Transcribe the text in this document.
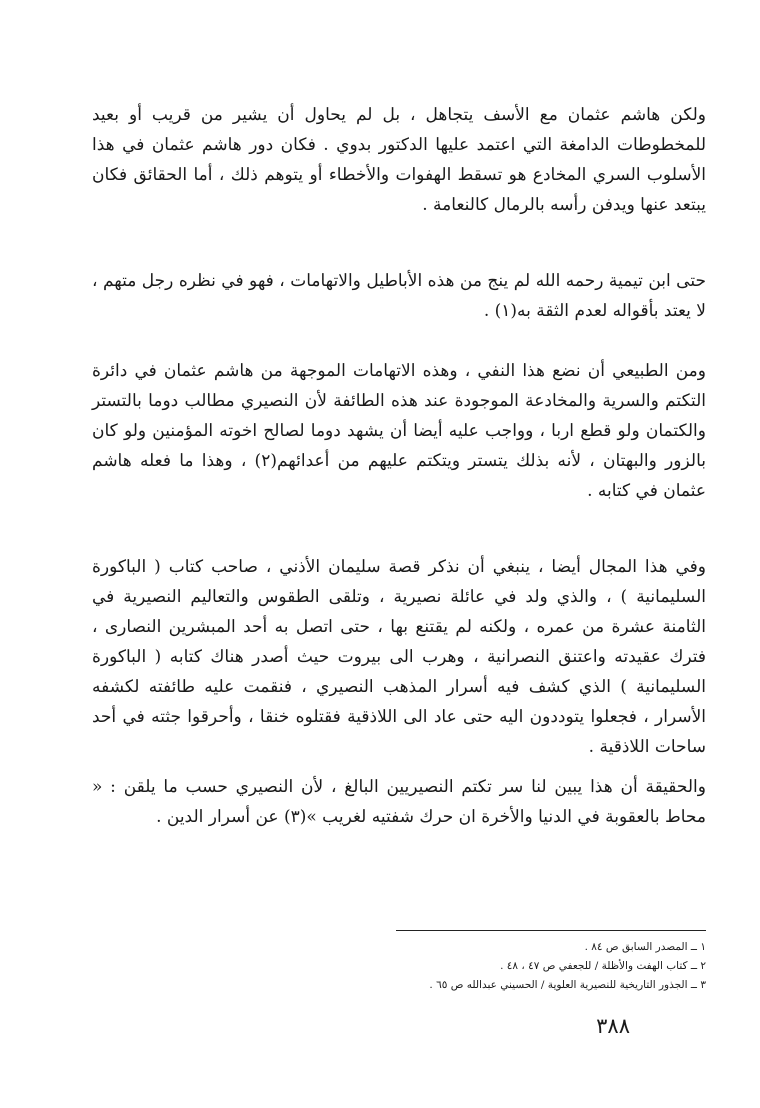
ولكن هاشم عثمان مع الأسف يتجاهل ، بل لم يحاول أن يشير من قريب أو بعيد للمخطوطات الدامغة التي اعتمد عليها الدكتور بدوي . فكان دور هاشم عثمان في هذا الأسلوب السري المخادع هو تسقط الهفوات والأخطاء أو يتوهم ذلك ، أما الحقائق فكان يبتعد عنها ويدفن رأسه بالرمال كالنعامة .

حتى ابن تيمية رحمه الله لم ينج من هذه الأباطيل والاتهامات ، فهو في نظره رجل متهم ، لا يعتد بأقواله لعدم الثقة به(١) .

ومن الطبيعي أن نضع هذا النفي ، وهذه الاتهامات الموجهة من هاشم عثمان في دائرة التكتم والسرية والمخادعة الموجودة عند هذه الطائفة لأن النصيري مطالب دوما بالتستر والكتمان ولو قطع اربا ، وواجب عليه أيضا أن يشهد دوما لصالح اخوته المؤمنين ولو كان بالزور والبهتان ، لأنه بذلك يتستر ويتكتم عليهم من أعدائهم(٢) ، وهذا ما فعله هاشم عثمان في كتابه .

وفي هذا المجال أيضا ، ينبغي أن نذكر قصة سليمان الأذني ، صاحب كتاب ( الباكورة السليمانية ) ، والذي ولد في عائلة نصيرية ، وتلقى الطقوس والتعاليم النصيرية في الثامنة عشرة من عمره ، ولكنه لم يقتنع بها ، حتى اتصل به أحد المبشرين النصارى ، فترك عقيدته واعتنق النصرانية ، وهرب الى بيروت حيث أصدر هناك كتابه ( الباكورة السليمانية ) الذي كشف فيه أسرار المذهب النصيري ، فنقمت عليه طائفته لكشفه الأسرار ، فجعلوا يتوددون اليه حتى عاد الى اللاذقية فقتلوه خنقا ، وأحرقوا جثته في أحد ساحات اللاذقية .

والحقيقة أن هذا يبين لنا سر تكتم النصيريين البالغ ، لأن النصيري حسب ما يلقن : « محاط بالعقوبة في الدنيا والأخرة ان حرك شفتيه لغريب »(٣) عن أسرار الدين .

١ ــ المصدر السابق ص ٨٤ .
٢ ــ كتاب الهفت والأظلة / للجعفي ص ٤٧ ، ٤٨ .
٣ ــ الجذور التاريخية للنصيرية العلوية / الحسيني عبدالله ص ٦٥ .
٣٨٨
